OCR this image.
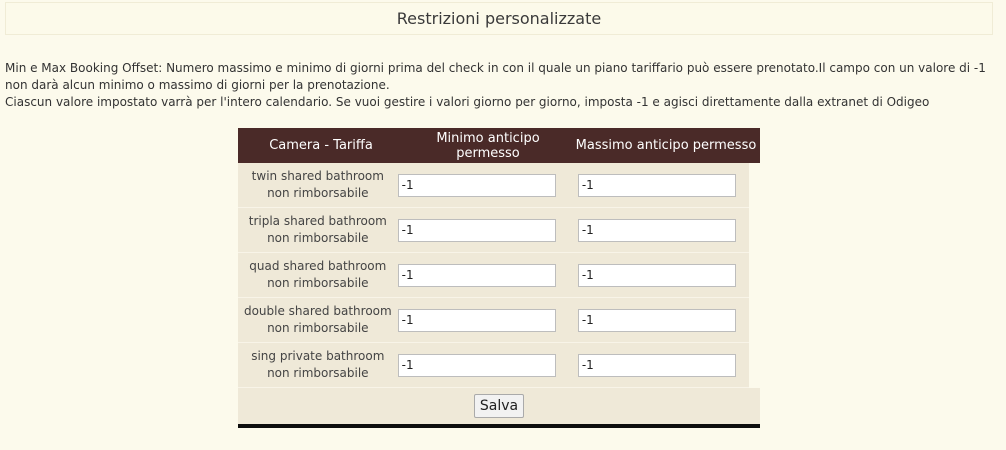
Restrizioni personalizzate

Min e Max Booking Offset: Numero massimo e minimo di giorni prima del check in con il quale un piano tariffario può essere prenotato.Il campo con un valore di -1 non darà alcun minimo o massimo di giorni per la prenotazione.

Ciascun valore impostato varrà per l'intero calendario. Se vuoi gestire i valori giorno per giorno, imposta -1 e agisci direttamente dalla extranet di Odigeo

Camera - Tariffa	Minimo anticipo permesso	Massimo anticipo permesso
twin shared bathroom
non rimborsabile
-1
-1
tripla shared bathroom
non rimborsabile
-1
-1
quad shared bathroom
non rimborsabile
-1
-1
double shared bathroom
non rimborsabile
-1
-1
sing private bathroom
non rimborsabile
-1
-1
Salva
